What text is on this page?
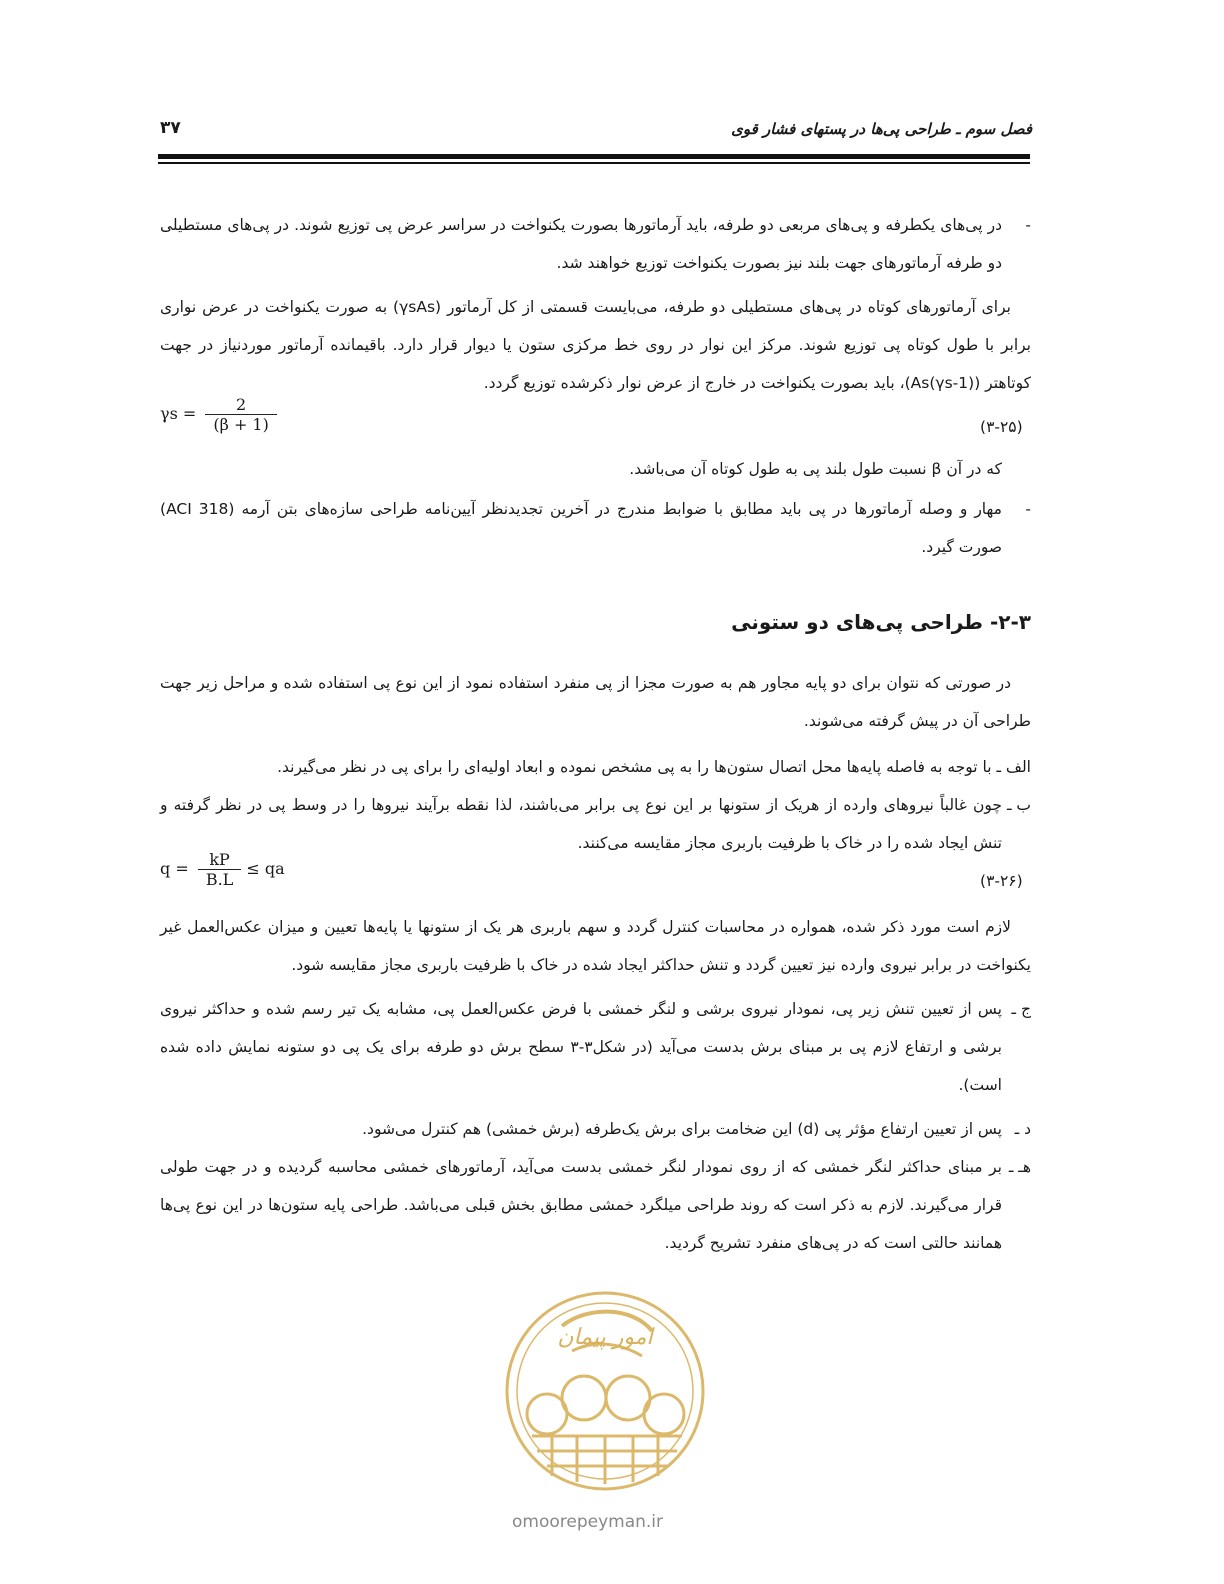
فصل سوم ـ طراحی پی‌ها در پستهای فشار قوی
۳۷
-

در پی‌های یکطرفه و پی‌های مربعی دو طرفه، باید آرماتورها بصورت یکنواخت در سراسر عرض پی توزیع شوند. در پی‌های مستطیلی دو طرفه آرماتورهای جهت بلند نیز بصورت یکنواخت توزیع خواهند شد.

برای آرماتورهای کوتاه در پی‌های مستطیلی دو طرفه، می‌بایست قسمتی از کل آرماتور (γsAs) به صورت یکنواخت در عرض نواری برابر با طول کوتاه پی توزیع شوند. مرکز این نوار در روی خط مرکزی ستون یا دیوار قرار دارد. باقیمانده آرماتور موردنیاز در جهت کوتاهتر ((1-γs)As)، باید بصورت یکنواخت در خارج از عرض نوار ذکرشده توزیع گردد.

$\gamma s = \frac{2}{(\beta + 1)}$	(۳-۲۵)

که در آن β نسبت طول بلند پی به طول کوتاه آن می‌باشد.

-

مهار و وصله آرماتورها در پی باید مطابق با ضوابط مندرج در آخرین تجدیدنظر آیین‌نامه طراحی سازه‌های بتن آرمه (ACI 318) صورت گیرد.

۲-۳- طراحی پی‌های دو ستونی

در صورتی که نتوان برای دو پایه مجاور هم به صورت مجزا از پی منفرد استفاده نمود از این نوع پی استفاده شده و مراحل زیر جهت طراحی آن در پیش گرفته می‌شوند.

الف ـ با توجه به فاصله پایه‌ها محل اتصال ستون‌ها را به پی مشخص نموده و ابعاد اولیه‌ای را برای پی در نظر می‌گیرند.

ب ـ

چون غالباً نیروهای وارده از هریک از ستونها بر این نوع پی برابر می‌باشند، لذا نقطه برآیند نیروها را در وسط پی در نظر گرفته و تنش ایجاد شده را در خاک با ظرفیت باربری مجاز مقایسه می‌کنند.

$q = \frac{kP}{B.L}$ ≤ qa
(۳-۲۶)

لازم است مورد ذکر شده، همواره در محاسبات کنترل گردد و سهم باربری هر یک از ستونها یا پایه‌ها تعیین و میزان عکس‌العمل غیر یکنواخت در برابر نیروی وارده نیز تعیین گردد و تنش حداکثر ایجاد شده در خاک با ظرفیت باربری مجاز مقایسه شود.

ج ـ

پس از تعیین تنش زیر پی، نمودار نیروی برشی و لنگر خمشی با فرض عکس‌العمل پی، مشابه یک تیر رسم شده و حداکثر نیروی برشی و ارتفاع لازم پی بر مبنای برش بدست می‌آید (در شکل۳-۳ سطح برش دو طرفه برای یک پی دو ستونه نمایش داده شده است).

د ـ

پس از تعیین ارتفاع مؤثر پی (d) این ضخامت برای برش یک‌طرفه (برش خمشی) هم کنترل می‌شود.

هـ ـ

بر مبنای حداکثر لنگر خمشی که از روی نمودار لنگر خمشی بدست می‌آید، آرماتورهای خمشی محاسبه گردیده و در جهت طولی قرار می‌گیرند. لازم به ذکر است که روند طراحی میلگرد خمشی مطابق بخش قبلی می‌باشد. طراحی پایه ستون‌ها در این نوع پی‌ها همانند حالتی است که در پی‌های منفرد تشریح گردید.

امور پیمان
omoorepeyman.ir
